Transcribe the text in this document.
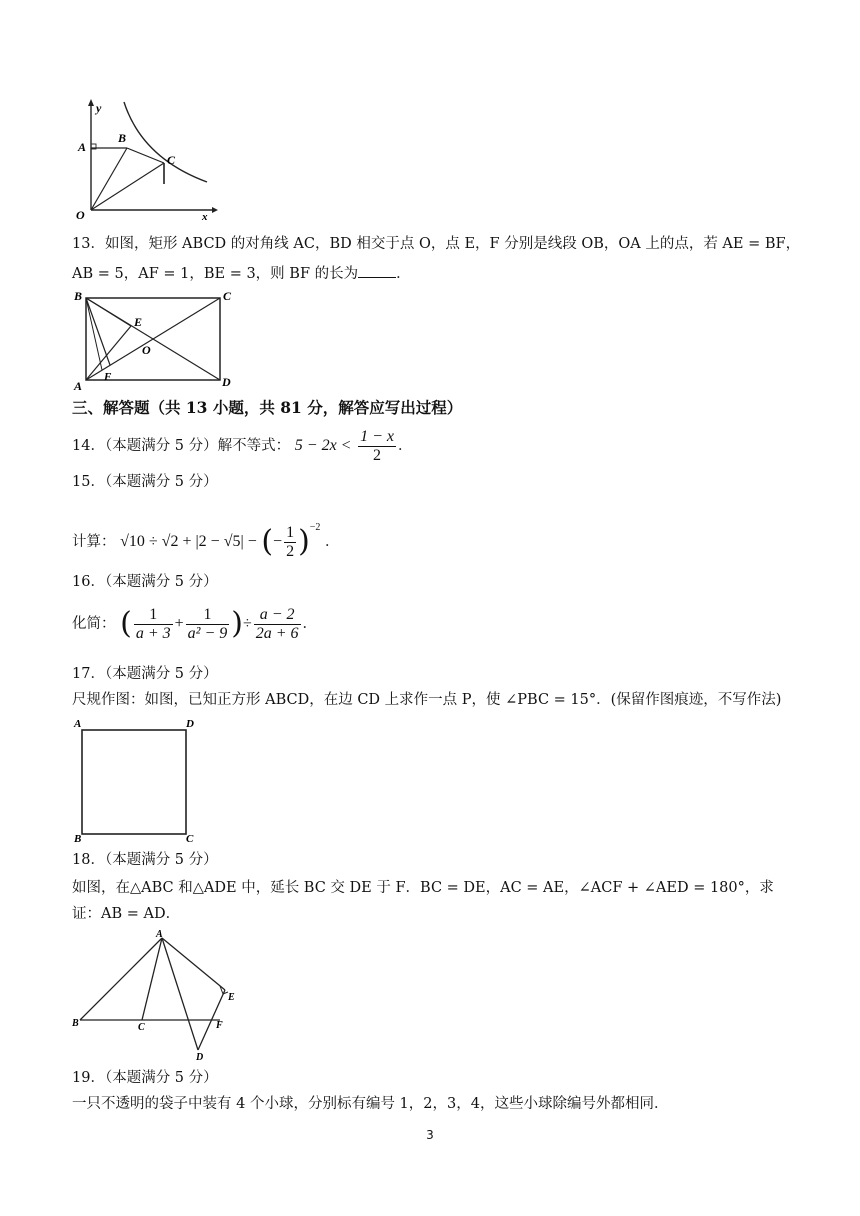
y
x
A
B
C
O
13．如图，矩形 ABCD 的对角线 AC，BD 相交于点 O，点 E，F 分别是线段 OB，OA 上的点，若 AE = BF，
AB = 5，AF = 1，BE = 3，则 BF 的长为	．
B	C
E
O
A
F	D
三、解答题（共 13 小题，共 81 分，解答应写出过程）
14．（本题满分 5 分）解不等式： $5 - 2x < \frac{1 - x}{2}$ ．
15．（本题满分 5 分）
计算： √10 ÷ √2 + |2 − √5| − (− $\frac{1}{2} )^{-2}$ ．
16．（本题满分 5 分）
化简： ( $\frac{1}{a + 3} + \frac{1}{\text{a² − 9}}$ )÷ $\frac{a - 2}{2a + 6}$ ．
17．（本题满分 5 分）
尺规作图：如图，已知正方形 ABCD，在边 CD 上求作一点 P，使 ∠PBC = 15°．(保留作图痕迹，不写作法)
A	D
B	C
18．（本题满分 5 分）
如图，在△ABC 和△ADE 中，延长 BC 交 DE 于 F．BC = DE，AC = AE，∠ACF + ∠AED = 180°，求
证：AB = AD．
A
E
B	C	F
D
19．（本题满分 5 分）
一只不透明的袋子中装有 4 个小球，分别标有编号 1，2，3，4，这些小球除编号外都相同．
3
